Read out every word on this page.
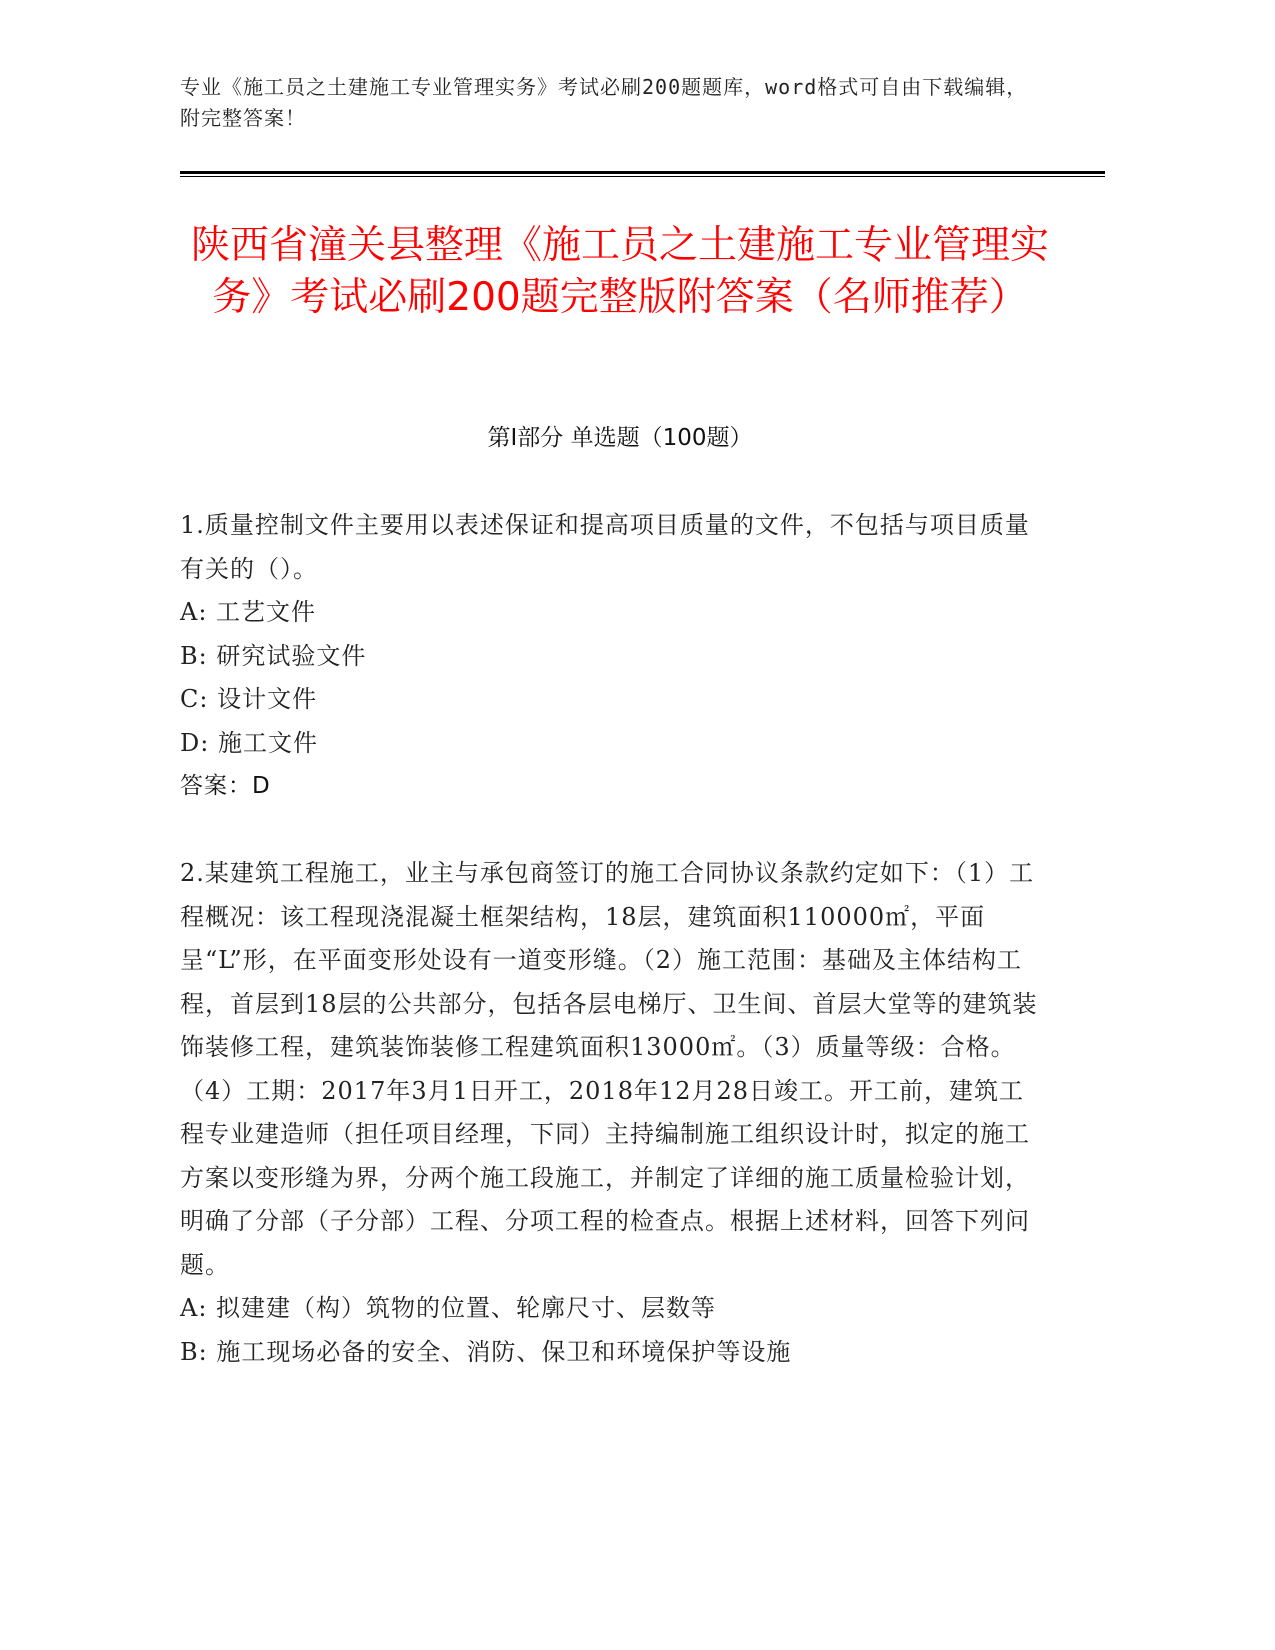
专业《施工员之土建施工专业管理实务》考试必刷200题题库，word格式可自由下载编辑，附完整答案！
陕西省潼关县整理《施工员之土建施工专业管理实务》考试必刷200题完整版附答案（名师推荐）
第I部分 单选题（100题）

1.质量控制文件主要用以表述保证和提高项目质量的文件，不包括与项目质量有关的（）。

A: 工艺文件

B: 研究试验文件

C: 设计文件

D: 施工文件

答案：D

2.某建筑工程施工，业主与承包商签订的施工合同协议条款约定如下：（1）工程概况：该工程现浇混凝土框架结构，18层，建筑面积110000㎡，平面呈“L”形，在平面变形处设有一道变形缝。（2）施工范围：基础及主体结构工程，首层到18层的公共部分，包括各层电梯厅、卫生间、首层大堂等的建筑装饰装修工程，建筑装饰装修工程建筑面积13000㎡。（3）质量等级：合格。（4）工期：2017年3月1日开工，2018年12月28日竣工。开工前，建筑工程专业建造师（担任项目经理，下同）主持编制施工组织设计时，拟定的施工方案以变形缝为界，分两个施工段施工，并制定了详细的施工质量检验计划，明确了分部（子分部）工程、分项工程的检查点。根据上述材料，回答下列问题。

A: 拟建建（构）筑物的位置、轮廓尺寸、层数等

B: 施工现场必备的安全、消防、保卫和环境保护等设施
